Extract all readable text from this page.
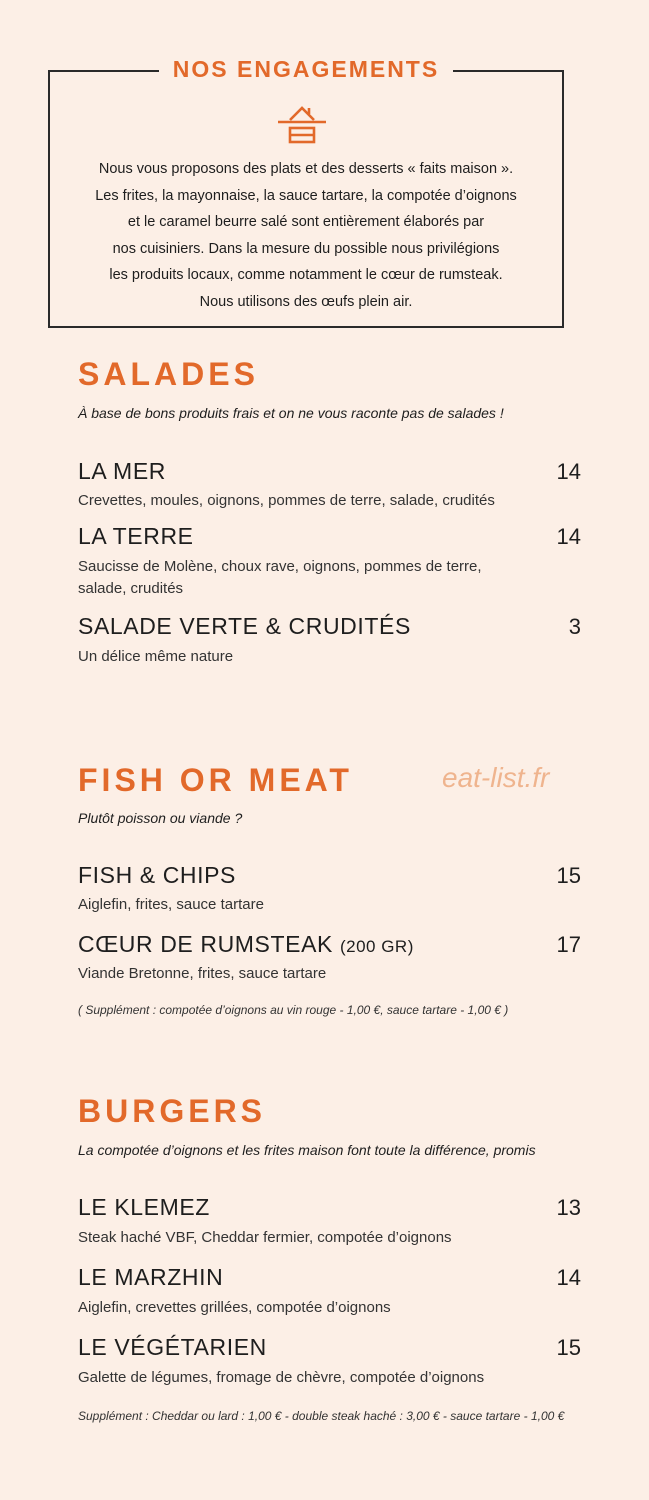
NOS ENGAGEMENTS
Nous vous proposons des plats et des desserts « faits maison ».
Les frites, la mayonnaise, la sauce tartare, la compotée d’oignons
et le caramel beurre salé sont entièrement élaborés par
nos cuisiniers. Dans la mesure du possible nous privilégions
les produits locaux, comme notamment le cœur de rumsteak.
Nous utilisons des œufs plein air.
SALADES
À base de bons produits frais et on ne vous raconte pas de salades !
LA MER	14
Crevettes, moules, oignons, pommes de terre, salade, crudités
LA TERRE	14
Saucisse de Molène, choux rave, oignons, pommes de terre, salade, crudités
SALADE VERTE & CRUDITÉS	3
Un délice même nature
FISH OR MEAT	eat-list.fr
Plutôt poisson ou viande ?
FISH & CHIPS	15
Aiglefin, frites, sauce tartare
CŒUR DE RUMSTEAK (200 GR)	17
Viande Bretonne, frites, sauce tartare
( Supplément : compotée d’oignons au vin rouge - 1,00 €, sauce tartare - 1,00 € )
BURGERS
La compotée d’oignons et les frites maison font toute la différence, promis
LE KLEMEZ	13
Steak haché VBF, Cheddar fermier, compotée d’oignons
LE MARZHIN	14
Aiglefin, crevettes grillées, compotée d’oignons
LE VÉGÉTARIEN	15
Galette de légumes, fromage de chèvre, compotée d’oignons
Supplément : Cheddar ou lard : 1,00 € - double steak haché : 3,00 € - sauce tartare - 1,00 €
